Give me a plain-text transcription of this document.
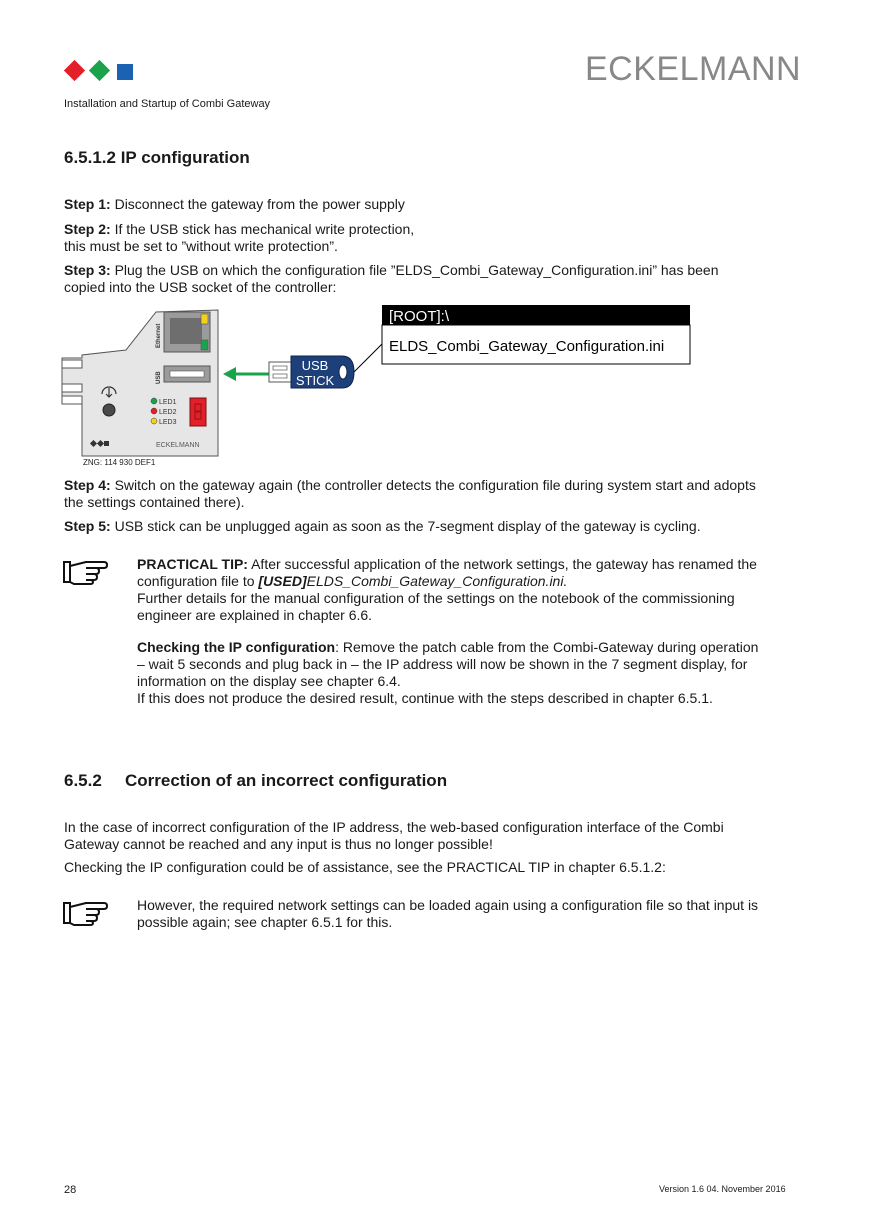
ECKELMANN
Installation and Startup of Combi Gateway
6.5.1.2 IP configuration
Step 1: Disconnect the gateway from the power supply
Step 2: If the USB stick has mechanical write protection,
this must be set to ”without write protection”.
Step 3: Plug the USB on which the configuration file ”ELDS_Combi_Gateway_Configuration.ini” has been
copied into the USB socket of the controller:
Ethernet
USB
LED1
LED2
LED3
ECKELMANN
ZNG: 114 930 DEF1
USB
STICK
[ROOT]:\
ELDS_Combi_Gateway_Configuration.ini
Step 4: Switch on the gateway again (the controller detects the configuration file during system start and adopts
the settings contained there).
Step 5: USB stick can be unplugged again as soon as the 7-segment display of the gateway is cycling.
PRACTICAL TIP: After successful application of the network settings, the gateway has renamed the
configuration file to [USED]ELDS_Combi_Gateway_Configuration.ini.
Further details for the manual configuration of the settings on the notebook of the commissioning
engineer are explained in chapter 6.6.
Checking the IP configuration: Remove the patch cable from the Combi-Gateway during operation
– wait 5 seconds and plug back in – the IP address will now be shown in the 7 segment display, for
information on the display see chapter 6.4.
If this does not produce the desired result, continue with the steps described in chapter 6.5.1.
6.5.2 Correction of an incorrect configuration
In the case of incorrect configuration of the IP address, the web-based configuration interface of the Combi
Gateway cannot be reached and any input is thus no longer possible!
Checking the IP configuration could be of assistance, see the PRACTICAL TIP in chapter 6.5.1.2:
However, the required network settings can be loaded again using a configuration file so that input is
possible again; see chapter 6.5.1 for this.
28	Version 1.6 04. November 2016
